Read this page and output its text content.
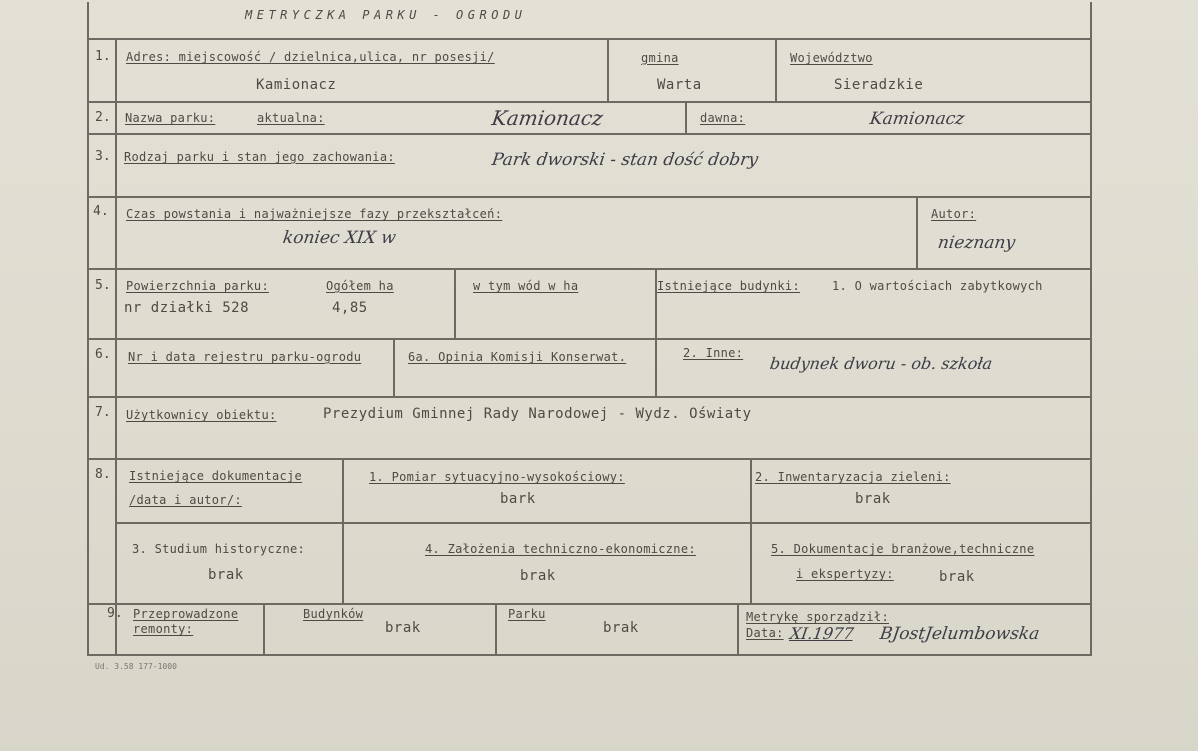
METRYCZKA PARKU - OGRODU
1. Adres: miejscowość / dzielnica,ulica, nr posesji/
Kamionacz
gmina
Warta
Województwo
Sieradzkie
2. Nazwa parku:	aktualna:	Kamionacz	dawna:	Kamionacz
3. Rodzaj parku i stan jego zachowania:	Park dworski - stan dość dobry
4. Czas powstania i najważniejsze fazy przekształceń:
koniec XIX w
Autor:
nieznany
5. Powierzchnia parku:
nr działki 528
Ogółem ha
4,85
w tym wód w ha	Istniejące budynki:	1. O wartościach zabytkowych
6. Nr i data rejestru parku-ogrodu	6a. Opinia Komisji Konserwat.	2. Inne:
budynek dworu - ob. szkoła
7. Użytkownicy obiektu:	Prezydium Gminnej Rady Narodowej - Wydz. Oświaty
8. Istniejące dokumentacje
/data i autor/:
1. Pomiar sytuacyjno-wysokościowy:
bark
2. Inwentaryzacja zieleni:
brak
3. Studium historyczne:
brak
4. Założenia techniczno-ekonomiczne:
brak
5. Dokumentacje branżowe,techniczne
i ekspertyzy:	brak
9. Przeprowadzone
remonty:
Budynków
brak
Parku
brak
Metrykę sporządził:
Data: XI.1977 BJostJelumbowska
Ud. 3.58 177-1000
